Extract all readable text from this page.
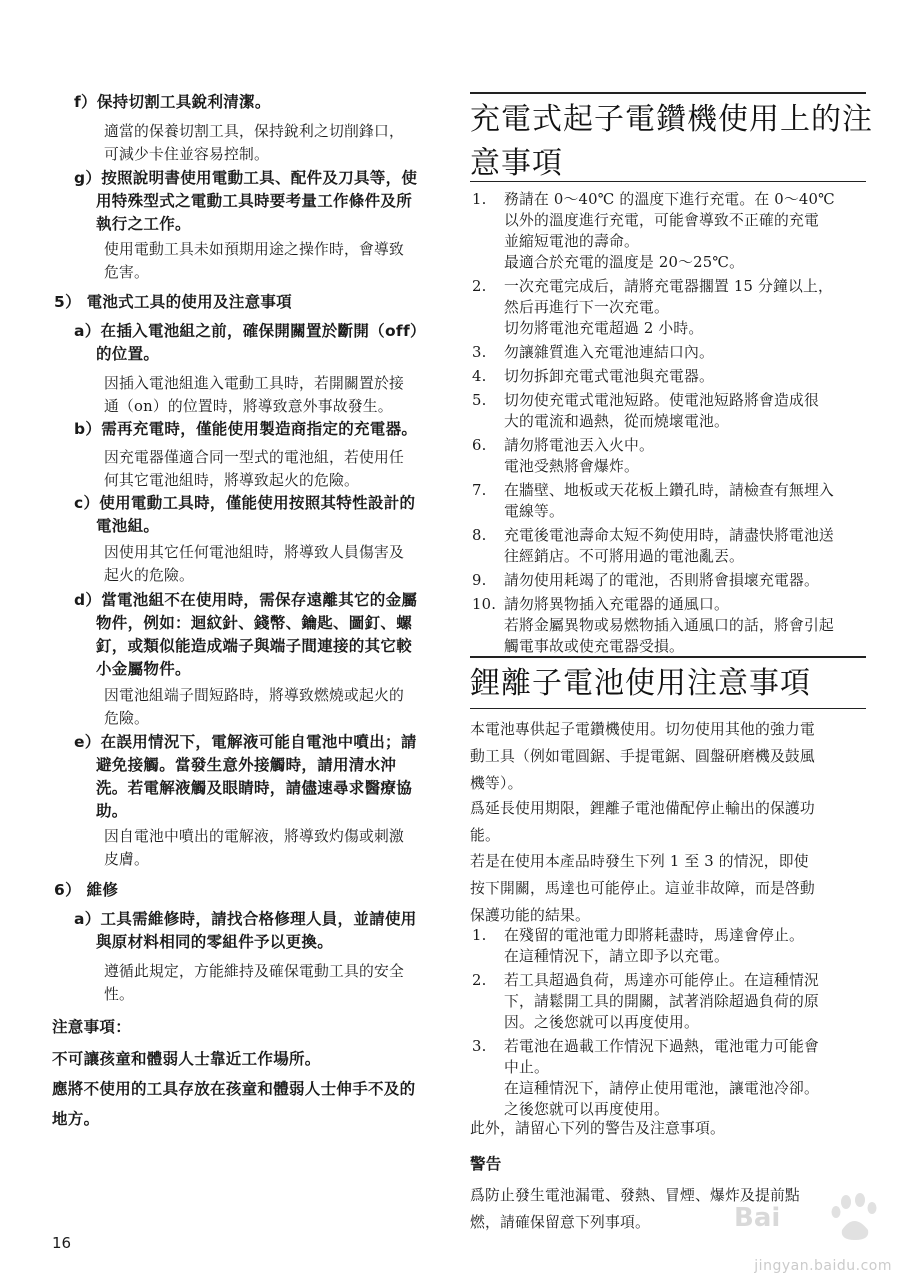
f）保持切割工具銳利清潔。
適當的保養切割工具，保持銳利之切削鋒口，
可減少卡住並容易控制。
g）按照說明書使用電動工具、配件及刀具等，使
用特殊型式之電動工具時要考量工作條件及所
執行之工作。
使用電動工具未如預期用途之操作時，會導致
危害。
5） 電池式工具的使用及注意事項
a）在插入電池組之前，確保開關置於斷開（off）
的位置。
因插入電池組進入電動工具時，若開關置於接
通（on）的位置時，將導致意外事故發生。
b）需再充電時，僅能使用製造商指定的充電器。
因充電器僅適合同一型式的電池組，若使用任
何其它電池組時，將導致起火的危險。
c）使用電動工具時，僅能使用按照其特性設計的
電池組。
因使用其它任何電池組時，將導致人員傷害及
起火的危險。
d）當電池組不在使用時，需保存遠離其它的金屬
物件，例如：迴紋針、錢幣、鑰匙、圖釘、螺
釘，或類似能造成端子與端子間連接的其它較
小金屬物件。
因電池組端子間短路時，將導致燃燒或起火的
危險。
e）在誤用情況下，電解液可能自電池中噴出；請
避免接觸。當發生意外接觸時，請用清水沖
洗。若電解液觸及眼睛時，請儘速尋求醫療協
助。
因自電池中噴出的電解液，將導致灼傷或刺激
皮膚。
6） 維修
a）工具需維修時，請找合格修理人員，並請使用
與原材料相同的零組件予以更換。
遵循此規定，方能維持及確保電動工具的安全
性。
注意事項：
不可讓孩童和體弱人士靠近工作場所。
應將不使用的工具存放在孩童和體弱人士伸手不及的
地方。
充電式起子電鑽機使用上的注
意事項
1. 務請在 0～40℃ 的溫度下進行充電。在 0～40℃
以外的溫度進行充電，可能會導致不正確的充電
並縮短電池的壽命。
最適合於充電的溫度是 20～25℃。
2. 一次充電完成后，請將充電器擱置 15 分鐘以上，
然后再進行下一次充電。
切勿將電池充電超過 2 小時。
3. 勿讓雜質進入充電池連結口內。
4. 切勿拆卸充電式電池與充電器。
5. 切勿使充電式電池短路。使電池短路將會造成很
大的電流和過熱，從而燒壞電池。
6. 請勿將電池丟入火中。
電池受熱將會爆炸。
7. 在牆壁、地板或天花板上鑽孔時，請檢查有無埋入
電線等。
8. 充電後電池壽命太短不夠使用時，請盡快將電池送
往經銷店。不可將用過的電池亂丟。
9. 請勿使用耗竭了的電池，否則將會損壞充電器。
10. 請勿將異物插入充電器的通風口。
若將金屬異物或易燃物插入通風口的話，將會引起
觸電事故或使充電器受損。
鋰離子電池使用注意事項
本電池專供起子電鑽機使用。切勿使用其他的強力電
動工具（例如電圓鋸、手提電鋸、圓盤研磨機及鼓風
機等）。
爲延長使用期限，鋰離子電池備配停止輸出的保護功
能。
若是在使用本產品時發生下列 1 至 3 的情況，即使
按下開關，馬達也可能停止。這並非故障，而是啓動
保護功能的結果。
1. 在殘留的電池電力即將耗盡時，馬達會停止。
在這種情況下，請立即予以充電。
2. 若工具超過負荷，馬達亦可能停止。在這種情況
下，請鬆開工具的開關，試著消除超過負荷的原
因。之後您就可以再度使用。
3. 若電池在過載工作情況下過熱，電池電力可能會
中止。
在這種情況下，請停止使用電池，讓電池冷卻。
之後您就可以再度使用。
此外，請留心下列的警告及注意事項。
警告
爲防止發生電池漏電、發熱、冒煙、爆炸及提前點
燃，請確保留意下列事項。
16
Bai
jingyan.baidu.com
